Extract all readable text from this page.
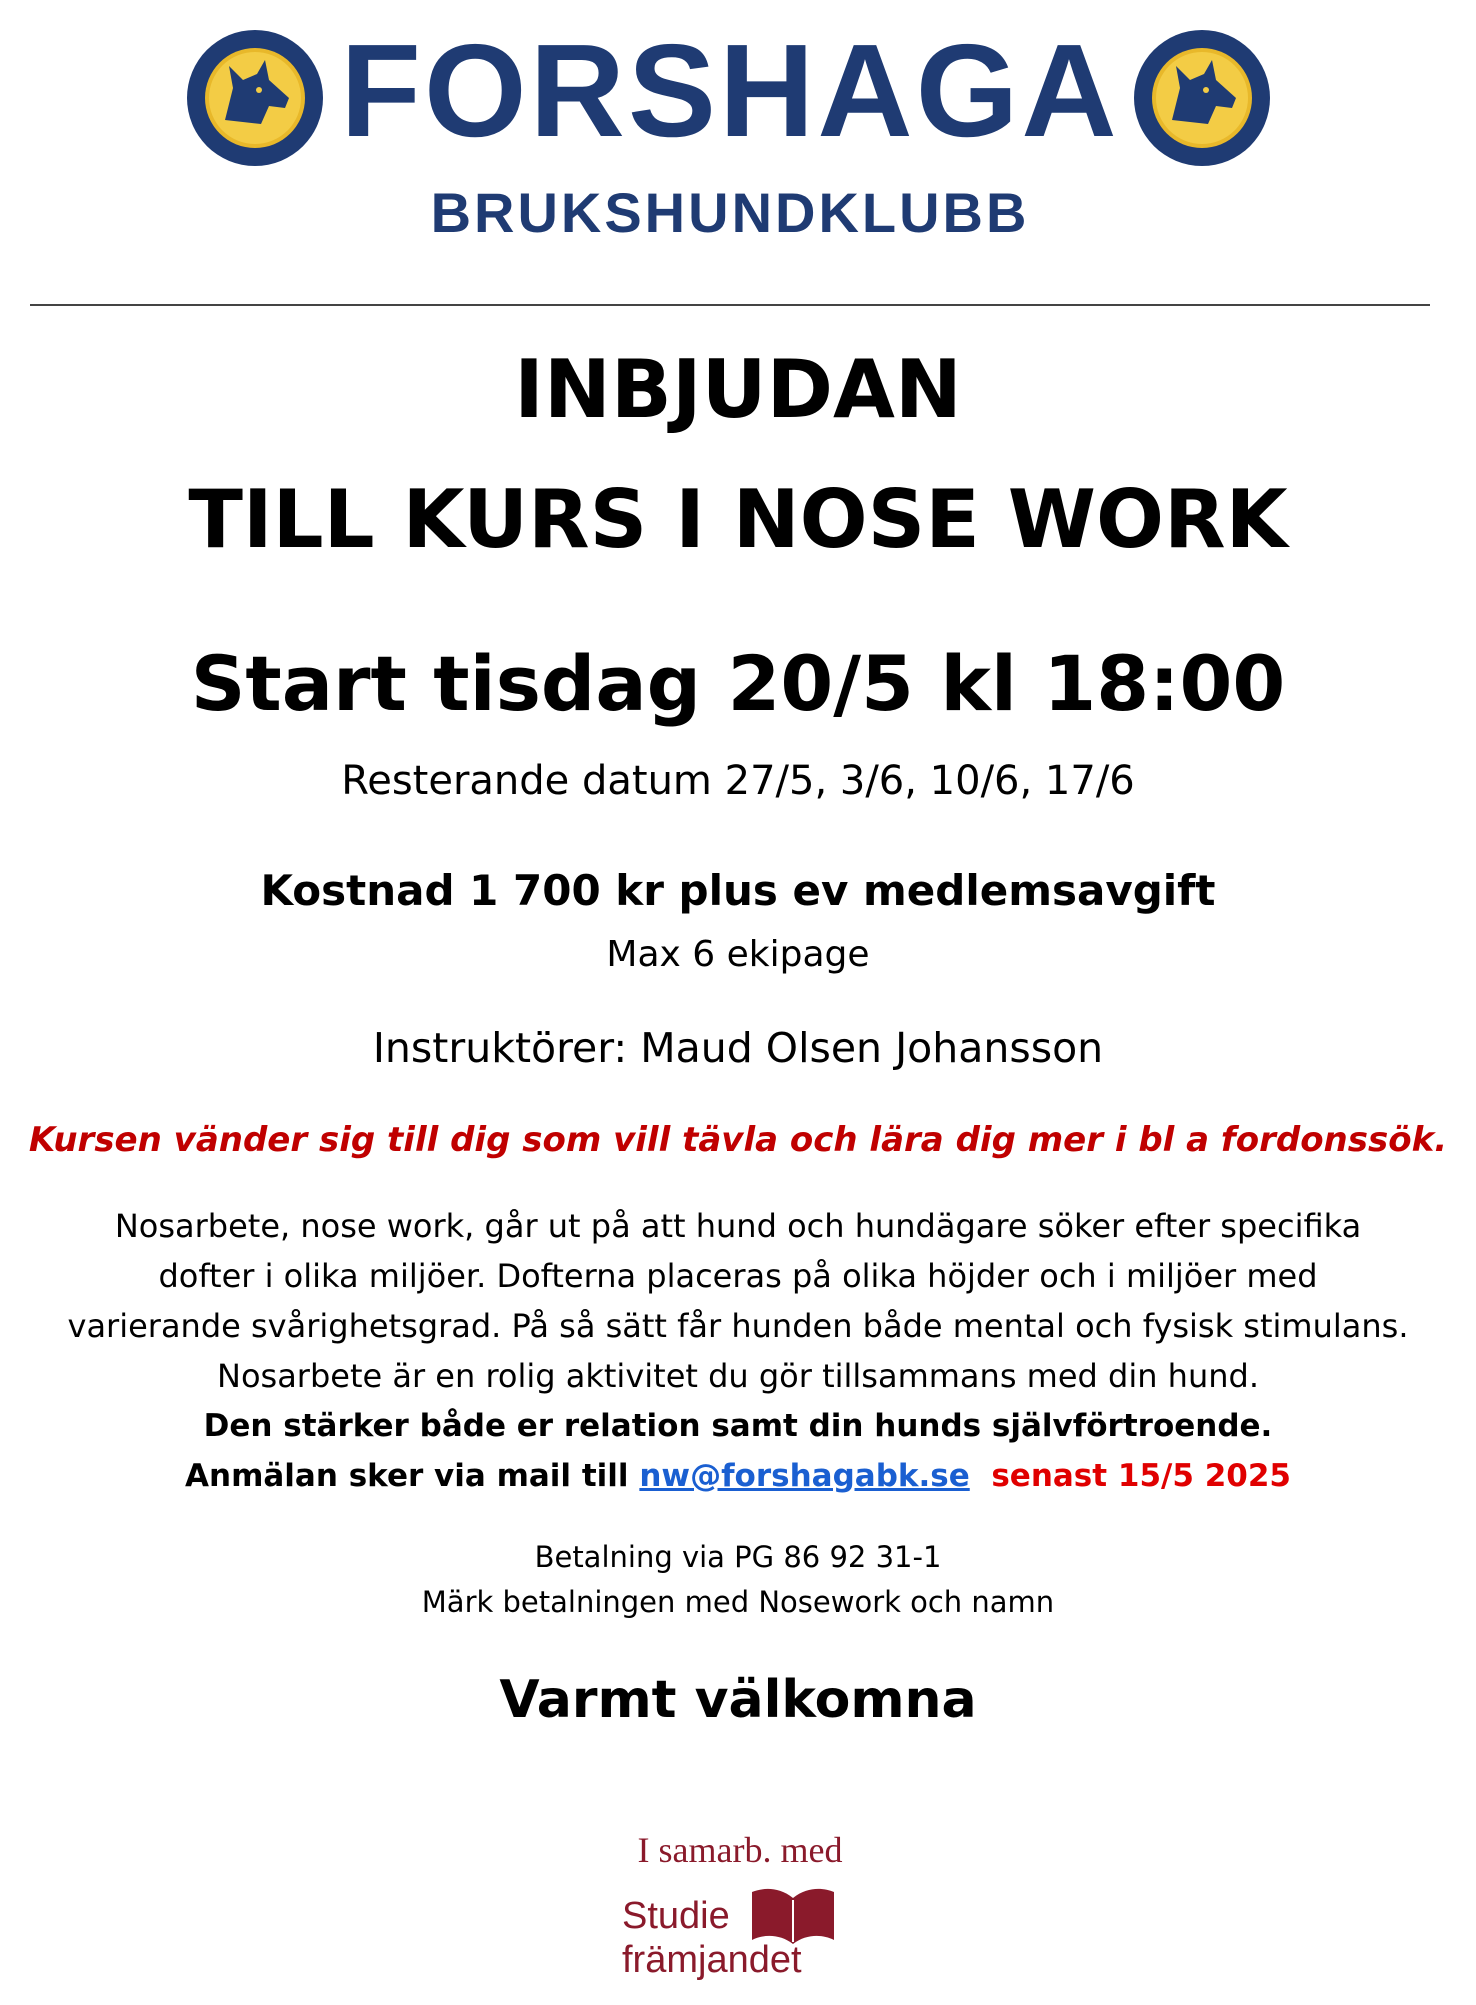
FORSHAGA
BRUKSHUNDKLUBB
INBJUDAN
TILL KURS I NOSE WORK
Start tisdag 20/5 kl 18:00
Resterande datum 27/5, 3/6, 10/6, 17/6
Kostnad 1 700 kr plus ev medlemsavgift
Max 6 ekipage
Instruktörer: Maud Olsen Johansson
Kursen vänder sig till dig som vill tävla och lära dig mer i bl a fordonssök.
Nosarbete, nose work, går ut på att hund och hundägare söker efter specifika
dofter i olika miljöer. Dofterna placeras på olika höjder och i miljöer med
varierande svårighetsgrad. På så sätt får hunden både mental och fysisk stimulans.
Nosarbete är en rolig aktivitet du gör tillsammans med din hund.
Den stärker både er relation samt din hunds självförtroende.
Anmälan sker via mail till nw@forshagabk.se senast 15/5 2025
Betalning via PG 86 92 31-1
Märk betalningen med Nosework och namn
Varmt välkomna
I samarb. med
Studie
främjandet
